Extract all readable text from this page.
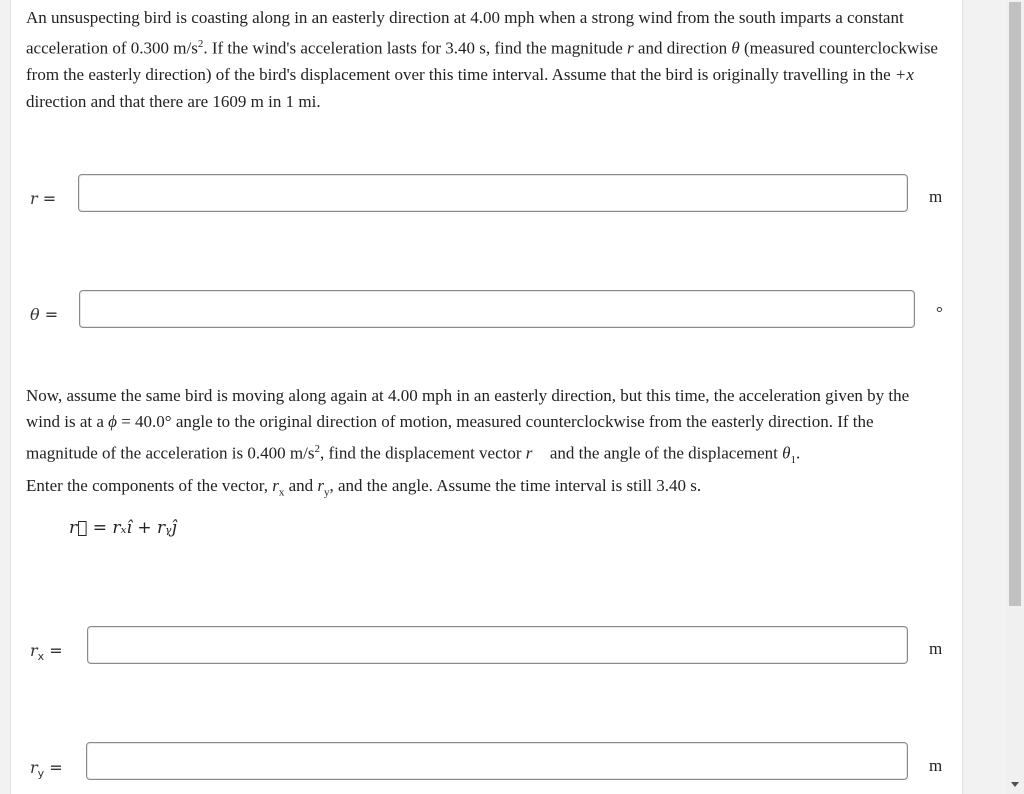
An unsuspecting bird is coasting along in an easterly direction at 4.00 mph when a strong wind from the south imparts a constant acceleration of 0.300 $m/s^2$. If the wind's acceleration lasts for 3.40 s, find the magnitude r and direction θ (measured counterclockwise from the easterly direction) of the bird's displacement over this time interval. Assume that the bird is originally travelling in the +x direction and that there are 1609 m in 1 mi.

r =	m
θ =	°

Now, assume the same bird is moving along again at 4.00 mph in an easterly direction, but this time, the acceleration given by the wind is at a ϕ = 40.0° angle to the original direction of motion, measured counterclockwise from the easterly direction. If the magnitude of the acceleration is 0.400 $m/s^2$, find the displacement vector r⃗ and the angle of the displacement $\theta_1$.

Enter the components of the vector, $r_x$ and $r_y$, and the angle. Assume the time interval is still 3.40 s.

r⃗ = rₓî + rᵧĵ
$r_x$ =	m
$r_y$ =	m
